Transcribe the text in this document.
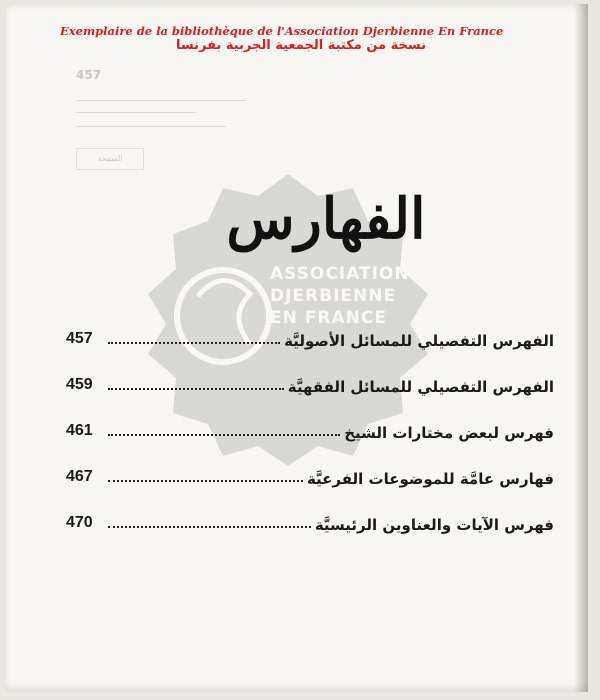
Exemplaire de la bibliothèque de l'Association Djerbienne En France
نسخة من مكتبة الجمعية الجربية بفرنسا
457
الصفحة
ASSOCIATION
DJERBIENNE
EN FRANCE
الفهارس
457	الفهرس التفصيلي للمسائل الأصوليَّة
459	الفهرس التفصيلي للمسائل الفقهيَّة
461	فهرس لبعض مختارات الشيخ
467	فهارس عامَّة للموضوعات الفرعيَّة
470	فهرس الآيات والعناوين الرئيسيَّة
